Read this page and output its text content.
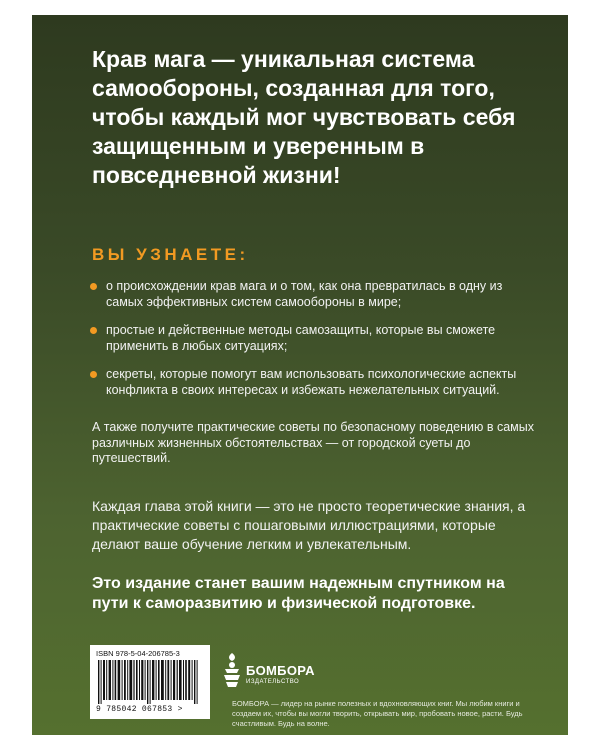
Крав мага — уникальная система самообороны, созданная для того, чтобы каждый мог чувствовать себя защищенным и уверенным в повседневной жизни!
ВЫ УЗНАЕТЕ:
о происхождении крав мага и о том, как она превратилась в одну из самых эффективных систем самообороны в мире;
простые и действенные методы самозащиты, которые вы сможете применить в любых ситуациях;
секреты, которые помогут вам использовать психологические аспекты конфликта в своих интересах и избежать нежелательных ситуаций.

А также получите практические советы по безопасному поведению в самых различных жизненных обстоятельствах — от городской суеты до путешествий.

Каждая глава этой книги — это не просто теоретические знания, а практические советы с пошаговыми иллюстрациями, которые делают ваше обучение легким и увлекательным.

Это издание станет вашим надежным спутником на пути к саморазвитию и физической подготовке.

ISBN 978-5-04-206785-3
9 785042 067853 >
БОМБОРА
ИЗДАТЕЛЬСТВО

БОМБОРА — лидер на рынке полезных и вдохновляющих книг. Мы любим книги и создаем их, чтобы вы могли творить, открывать мир, пробовать новое, расти. Будь счастливым. Будь на волне.
